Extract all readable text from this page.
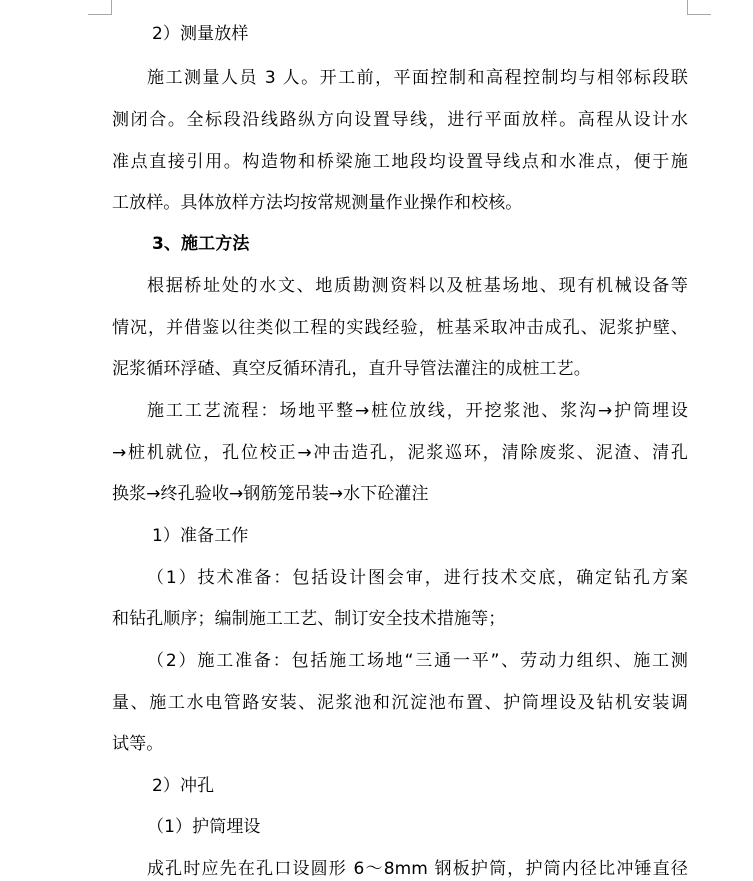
2）测量放样
施工测量人员 3 人。开工前，平面控制和高程控制均与相邻标段联
测闭合。全标段沿线路纵方向设置导线，进行平面放样。高程从设计水
准点直接引用。构造物和桥梁施工地段均设置导线点和水准点，便于施
工放样。具体放样方法均按常规测量作业操作和校核。
3、施工方法
根据桥址处的水文、地质勘测资料以及桩基场地、现有机械设备等
情况，并借鉴以往类似工程的实践经验，桩基采取冲击成孔、泥浆护壁、
泥浆循环浮碴、真空反循环清孔，直升导管法灌注的成桩工艺。
施工工艺流程：场地平整→桩位放线，开挖浆池、浆沟→护筒埋设
→桩机就位，孔位校正→冲击造孔，泥浆巡环，清除废浆、泥渣、清孔
换浆→终孔验收→钢筋笼吊装→水下砼灌注
1）准备工作
（1）技术准备：包括设计图会审，进行技术交底，确定钻孔方案
和钻孔顺序；编制施工工艺、制订安全技术措施等；
（2）施工准备：包括施工场地“三通一平”、劳动力组织、施工测
量、施工水电管路安装、泥浆池和沉淀池布置、护筒埋设及钻机安装调
试等。
2）冲孔
（1）护筒埋设
成孔时应先在孔口设圆形 6～8mm 钢板护筒，护筒内径比冲锤直径
